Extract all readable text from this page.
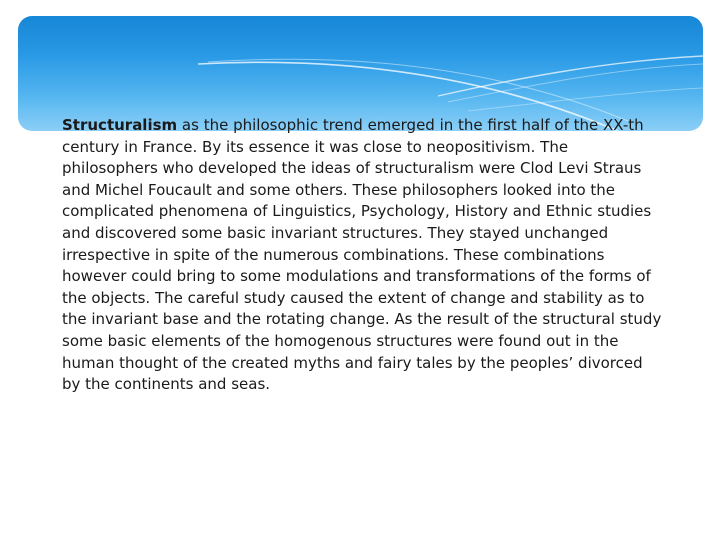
Structuralism as the philosophic trend emerged in the first half of the XX-th century in France. By its essence it was close to neopositivism. The philosophers who developed the ideas of structuralism were Clod Levi Straus and Michel Foucault and some others. These philosophers looked into the complicated phenomena of Linguistics, Psychology, History and Ethnic studies and discovered some basic invariant structures. They stayed unchanged irrespective in spite of the numerous combinations. These combinations however could bring to some modulations and transformations of the forms of the objects. The careful study caused the extent of change and stability as to the invariant base and the rotating change. As the result of the structural study some basic elements of the homogenous structures were found out in the human thought of the created myths and fairy tales by the peoples’ divorced by the continents and seas.
